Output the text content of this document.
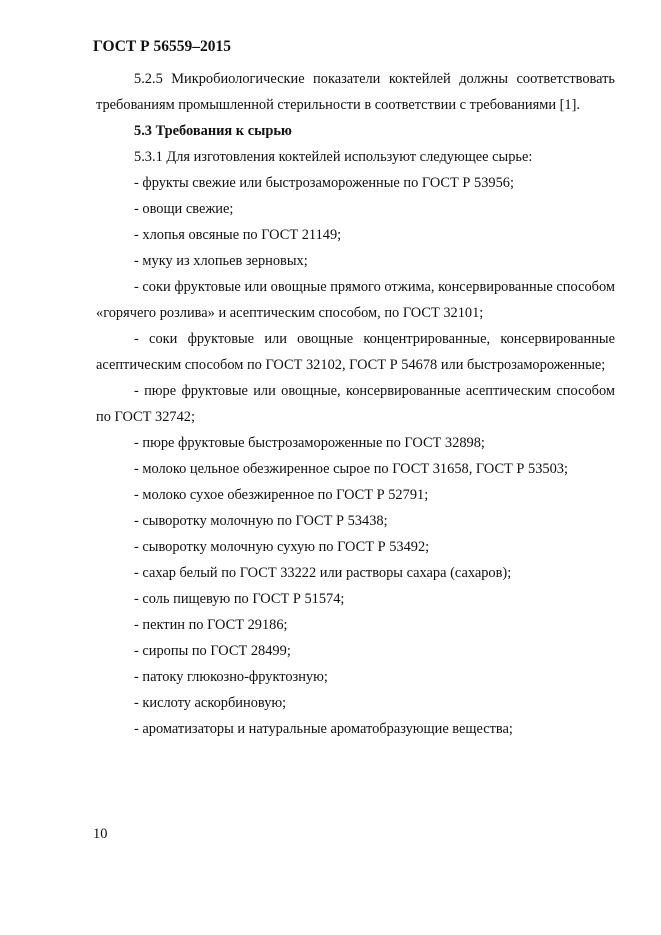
ГОСТ Р 56559–2015

5.2.5 Микробиологические показатели коктейлей должны соответствовать требованиям промышленной стерильности в соответствии с требованиями [1].

5.3 Требования к сырью

5.3.1 Для изготовления коктейлей используют следующее сырье:

- фрукты свежие или быстрозамороженные по ГОСТ Р 53956;

- овощи свежие;

- хлопья овсяные по ГОСТ 21149;

- муку из хлопьев зерновых;

- соки фруктовые или овощные прямого отжима, консервированные способом «горячего розлива» и асептическим способом, по ГОСТ 32101;

- соки фруктовые или овощные концентрированные, консервированные асептическим способом по ГОСТ 32102, ГОСТ Р 54678 или быстрозамороженные;

- пюре фруктовые или овощные, консервированные асептическим способом по ГОСТ 32742;

- пюре фруктовые быстрозамороженные по ГОСТ 32898;

- молоко цельное обезжиренное сырое по ГОСТ 31658, ГОСТ Р 53503;

- молоко сухое обезжиренное по ГОСТ Р 52791;

- сыворотку молочную по ГОСТ Р 53438;

- сыворотку молочную сухую по ГОСТ Р 53492;

- сахар белый по ГОСТ 33222 или растворы сахара (сахаров);

- соль пищевую по ГОСТ Р 51574;

- пектин по ГОСТ 29186;

- сиропы по ГОСТ 28499;

- патоку глюкозно-фруктозную;

- кислоту аскорбиновую;

- ароматизаторы и натуральные ароматобразующие вещества;

10
